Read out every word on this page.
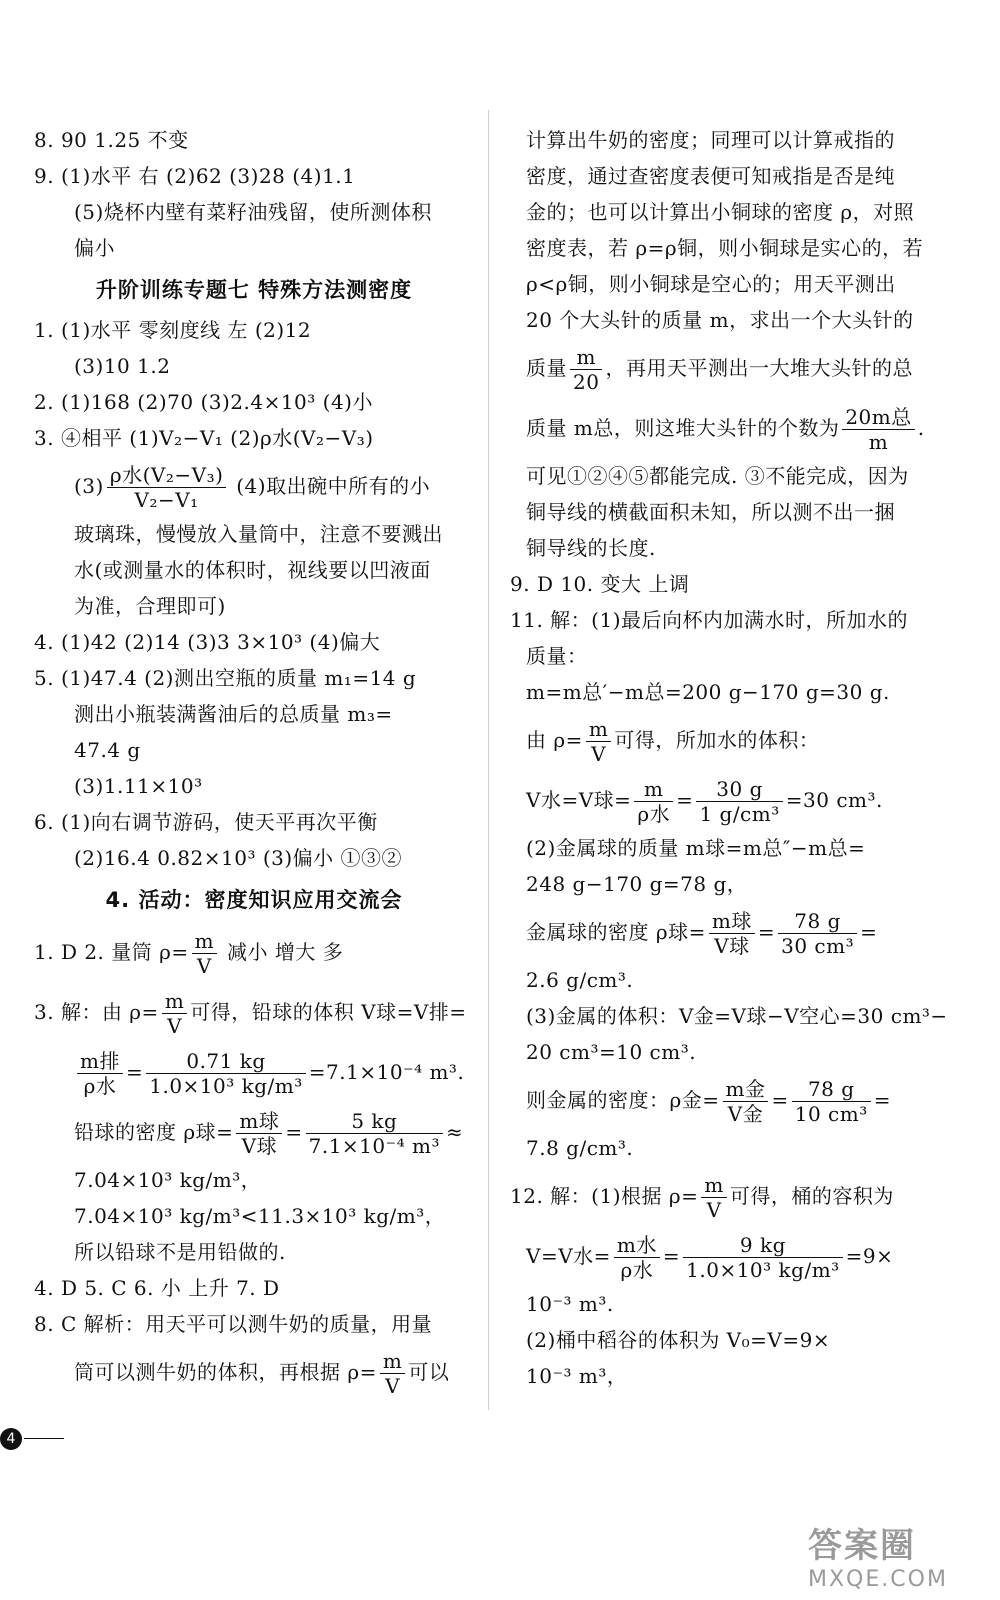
8. 90 1.25 不变
9. (1)水平 右 (2)62 (3)28 (4)1.1
(5)烧杯内壁有菜籽油残留，使所测体积
偏小
升阶训练专题七 特殊方法测密度
1. (1)水平 零刻度线 左 (2)12
(3)10 1.2
2. (1)168 (2)70 (3)2.4×10³ (4)小
3. ④相平 (1)V₂−V₁ (2)ρ水(V₂−V₃)
$(3) \frac{\text{ρ水(V₂−V₃)}}{\text{V₂−V₁}} (4)$取出碗中所有的小
玻璃珠，慢慢放入量筒中，注意不要溅出
水(或测量水的体积时，视线要以凹液面
为准，合理即可)
4. (1)42 (2)14 (3)3 3×10³ (4)偏大
5. (1)47.4 (2)测出空瓶的质量 m₁=14 g
测出小瓶装满酱油后的总质量 m₃=
47.4 g
(3)1.11×10³
6. (1)向右调节游码，使天平再次平衡
(2)16.4 0.82×10³ (3)偏小 ①③②
4. 活动：密度知识应用交流会
1. D 2. 量筒 $\rho= \frac{m}{V}$ 减小 增大 多
3. 解：由 $\rho= \frac{m}{V}$ 可得，铅球的体积 V球=V排=
$\frac{\text{m排}}{\text{ρ水}} = \frac{0.71 kg}{\text{1.0×10³ kg/m³}} =7.1\times 10^{-4}$ m³.
铅球的密度 ρ球= $\frac{\text{m球}}{\text{V球}} = \frac{5 kg}{\text{7.1×10⁻⁴ m³}}$ ≈
7.04×10³ kg/m³，
7.04×10³ kg/m³<11.3×10³ kg/m³，
所以铅球不是用铅做的.
4. D 5. C 6. 小 上升 7. D
8. C 解析：用天平可以测牛奶的质量，用量
筒可以测牛奶的体积，再根据 $\rho= \frac{m}{V}$ 可以
计算出牛奶的密度；同理可以计算戒指的
密度，通过查密度表便可知戒指是否是纯
金的；也可以计算出小铜球的密度 ρ，对照
密度表，若 ρ=ρ铜，则小铜球是实心的，若
ρ<ρ铜，则小铜球是空心的；用天平测出
20 个大头针的质量 m，求出一个大头针的
质量 $\frac{m}{20}$ ，再用天平测出一大堆大头针的总
质量 m总，则这堆大头针的个数为 $\frac{\text{20m总}}{m}$ .
可见①②④⑤都能完成. ③不能完成，因为
铜导线的横截面积未知，所以测不出一捆
铜导线的长度.
9. D 10. 变大 上调
11. 解：(1)最后向杯内加满水时，所加水的
质量：
m=m总′−m总=200 g−170 g=30 g.
由 $\rho= \frac{m}{V}$ 可得，所加水的体积：
V水=V球= $\frac{m}{\text{ρ水}} = \frac{30 g}{\text{1 g/cm³}} =30$ cm³.
(2)金属球的质量 m球=m总″−m总=
248 g−170 g=78 g，
金属球的密度 ρ球= $\frac{\text{m球}}{\text{V球}} = \frac{78 g}{\text{30 cm³}}$ =
2.6 g/cm³.
(3)金属的体积：V金=V球−V空心=30 cm³−
20 cm³=10 cm³.
则金属的密度：ρ金= $\frac{\text{m金}}{\text{V金}} = \frac{78 g}{\text{10 cm³}}$ =
7.8 g/cm³.
12. 解：(1)根据 $\rho= \frac{m}{V}$ 可得，桶的容积为
V=V水= $\frac{\text{m水}}{\text{ρ水}} = \frac{9 kg}{\text{1.0×10³ kg/m³}} =9\times$
10⁻³ m³.
(2)桶中稻谷的体积为 V₀=V=9×
10⁻³ m³，
4
答案圈
MXQE.COM
